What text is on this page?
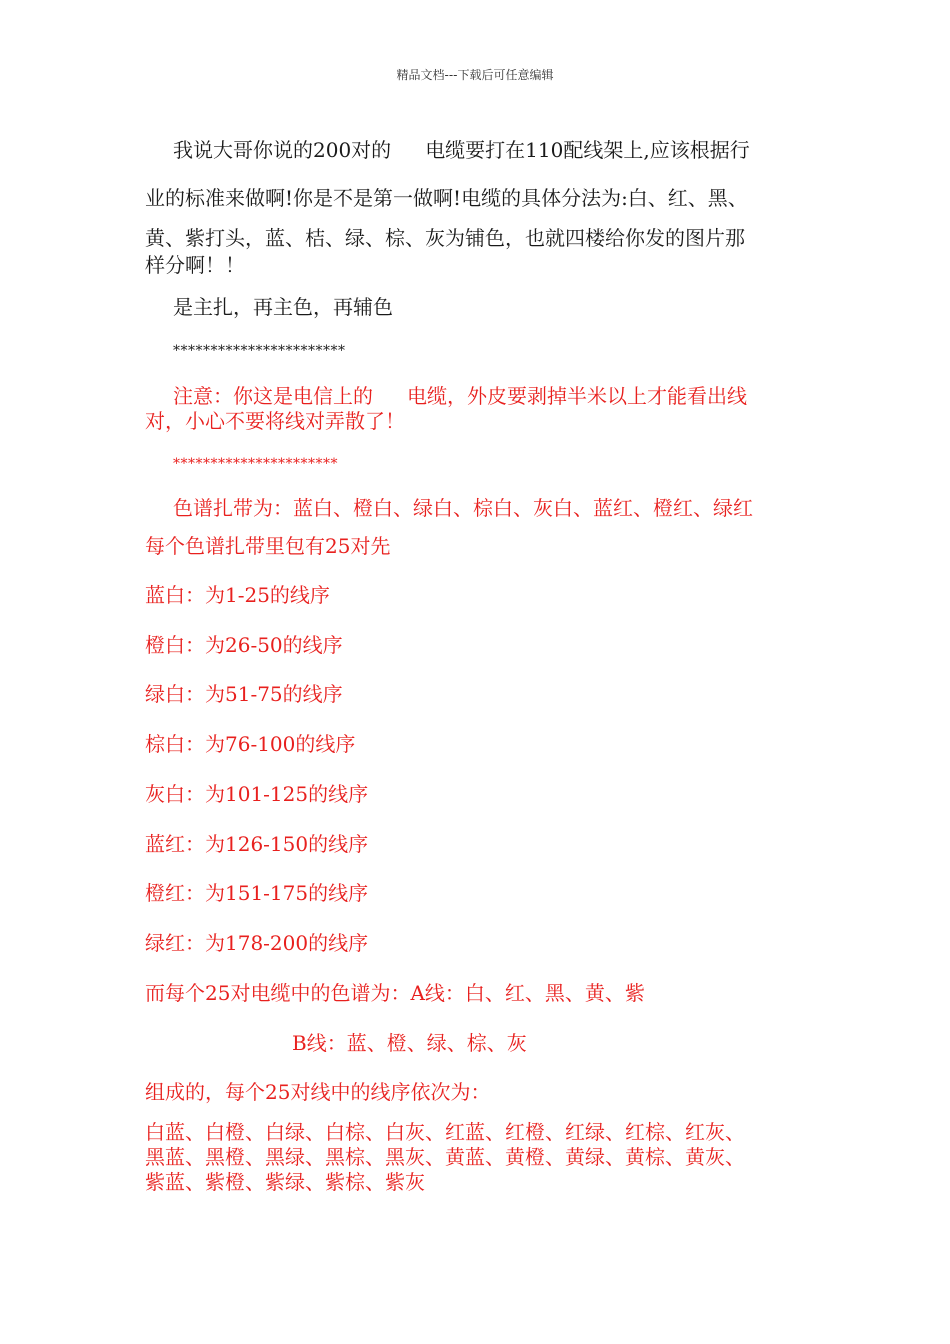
精品文档---下载后可任意编辑
我说大哥你说的200对的 电缆要打在110配线架上,应该根据行
业的标准来做啊!你是不是第一做啊!电缆的具体分法为:白、红、黑、
黄、紫打头，蓝、桔、绿、棕、灰为铺色，也就四楼给你发的图片那
样分啊！！
是主扎，再主色，再辅色
***********************
注意：你这是电信上的 电缆，外皮要剥掉半米以上才能看出线
对，小心不要将线对弄散了！
**********************
色谱扎带为：蓝白、橙白、绿白、棕白、灰白、蓝红、橙红、绿红
每个色谱扎带里包有25对先
蓝白：为1-25的线序
橙白：为26-50的线序
绿白：为51-75的线序
棕白：为76-100的线序
灰白：为101-125的线序
蓝红：为126-150的线序
橙红：为151-175的线序
绿红：为178-200的线序
而每个25对电缆中的色谱为：A线：白、红、黑、黄、紫
B线：蓝、橙、绿、棕、灰
组成的，每个25对线中的线序依次为：
白蓝、白橙、白绿、白棕、白灰、红蓝、红橙、红绿、红棕、红灰、
黑蓝、黑橙、黑绿、黑棕、黑灰、黄蓝、黄橙、黄绿、黄棕、黄灰、
紫蓝、紫橙、紫绿、紫棕、紫灰
